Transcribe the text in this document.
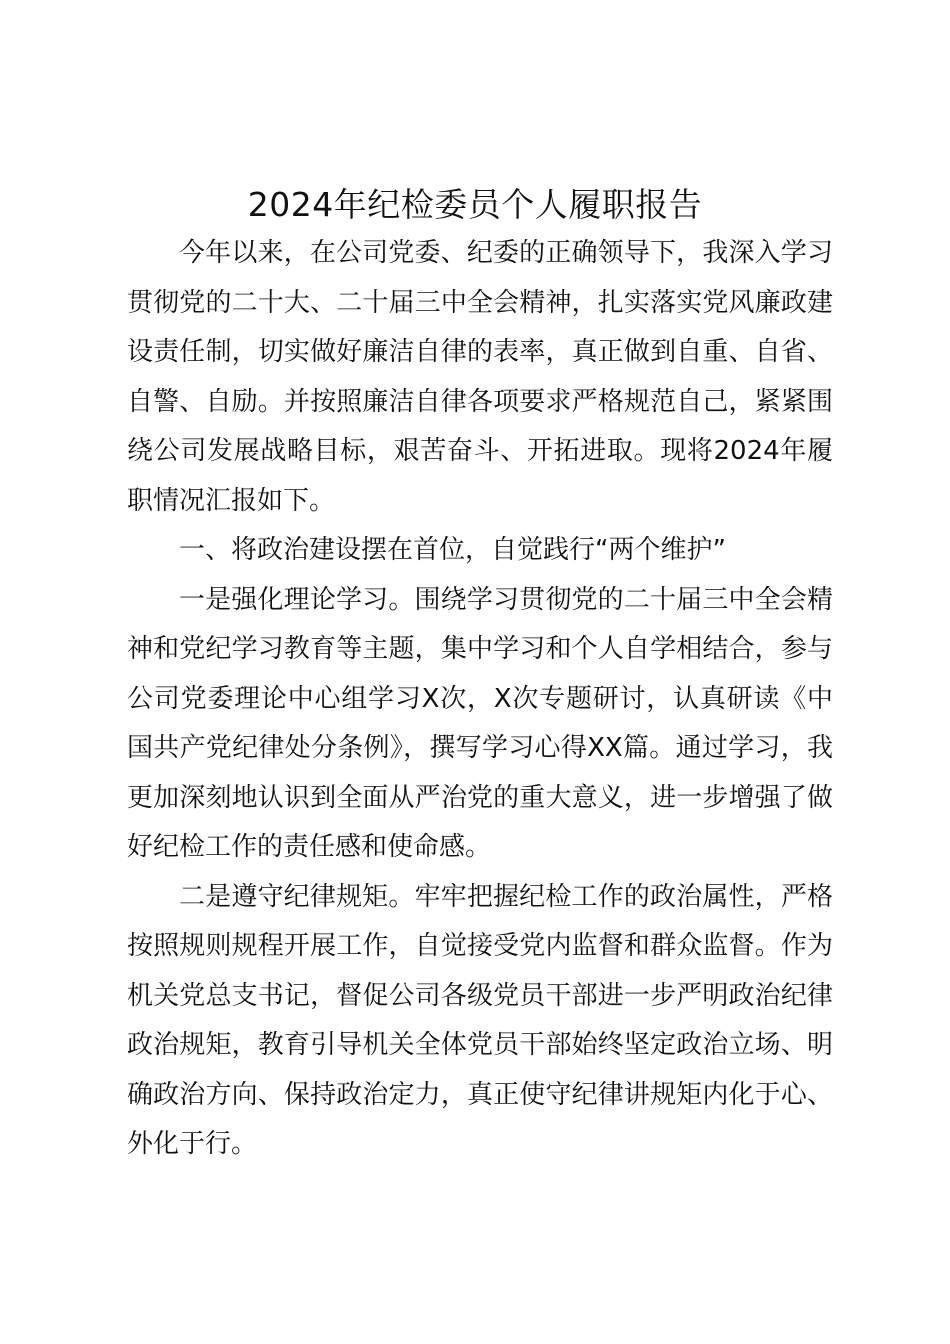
2024年纪检委员个人履职报告

今年以来，在公司党委、纪委的正确领导下，我深入学习贯彻党的二十大、二十届三中全会精神，扎实落实党风廉政建设责任制，切实做好廉洁自律的表率，真正做到自重、自省、自警、自励。并按照廉洁自律各项要求严格规范自己，紧紧围绕公司发展战略目标，艰苦奋斗、开拓进取。现将2024年履职情况汇报如下。

一、将政治建设摆在首位，自觉践行“两个维护”

一是强化理论学习。围绕学习贯彻党的二十届三中全会精神和党纪学习教育等主题，集中学习和个人自学相结合，参与公司党委理论中心组学习X次，X次专题研讨，认真研读《中国共产党纪律处分条例》，撰写学习心得XX篇。通过学习，我更加深刻地认识到全面从严治党的重大意义，进一步增强了做好纪检工作的责任感和使命感。

二是遵守纪律规矩。牢牢把握纪检工作的政治属性，严格按照规则规程开展工作，自觉接受党内监督和群众监督。作为机关党总支书记，督促公司各级党员干部进一步严明政治纪律政治规矩，教育引导机关全体党员干部始终坚定政治立场、明确政治方向、保持政治定力，真正使守纪律讲规矩内化于心、外化于行。
